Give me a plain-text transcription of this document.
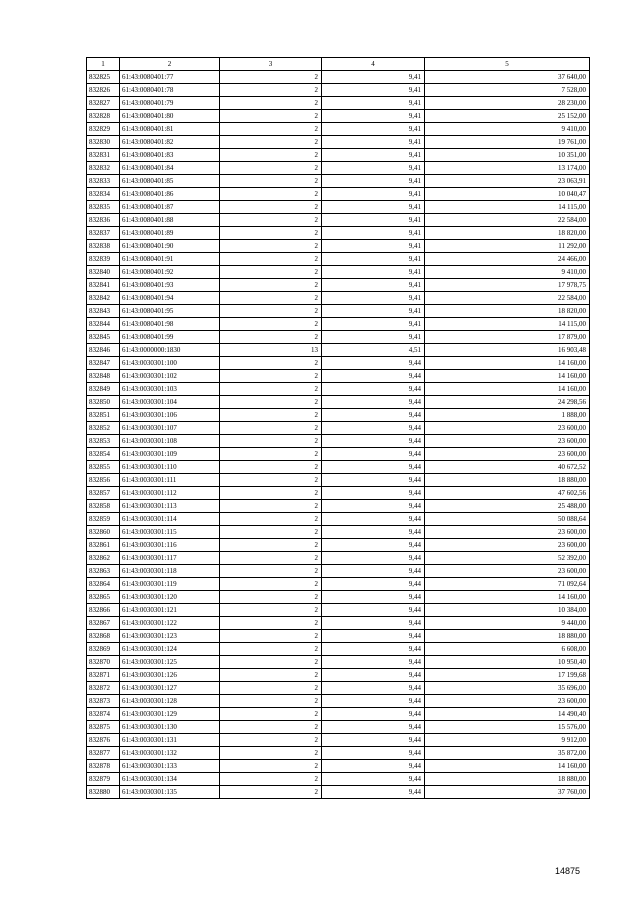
1	2	3	4	5
832825	61:43:0080401:77	2	9,41	37 640,00
832826	61:43:0080401:78	2	9,41	7 528,00
832827	61:43:0080401:79	2	9,41	28 230,00
832828	61:43:0080401:80	2	9,41	25 152,00
832829	61:43:0080401:81	2	9,41	9 410,00
832830	61:43:0080401:82	2	9,41	19 761,00
832831	61:43:0080401:83	2	9,41	10 351,00
832832	61:43:0080401:84	2	9,41	13 174,00
832833	61:43:0080401:85	2	9,41	23 063,91
832834	61:43:0080401:86	2	9,41	10 040,47
832835	61:43:0080401:87	2	9,41	14 115,00
832836	61:43:0080401:88	2	9,41	22 584,00
832837	61:43:0080401:89	2	9,41	18 820,00
832838	61:43:0080401:90	2	9,41	11 292,00
832839	61:43:0080401:91	2	9,41	24 466,00
832840	61:43:0080401:92	2	9,41	9 410,00
832841	61:43:0080401:93	2	9,41	17 978,75
832842	61:43:0080401:94	2	9,41	22 584,00
832843	61:43:0080401:95	2	9,41	18 820,00
832844	61:43:0080401:98	2	9,41	14 115,00
832845	61:43:0080401:99	2	9,41	17 879,00
832846	61:43:0000000:1830	13	4,51	16 903,48
832847	61:43:0030301:100	2	9,44	14 160,00
832848	61:43:0030301:102	2	9,44	14 160,00
832849	61:43:0030301:103	2	9,44	14 160,00
832850	61:43:0030301:104	2	9,44	24 298,56
832851	61:43:0030301:106	2	9,44	1 888,00
832852	61:43:0030301:107	2	9,44	23 600,00
832853	61:43:0030301:108	2	9,44	23 600,00
832854	61:43:0030301:109	2	9,44	23 600,00
832855	61:43:0030301:110	2	9,44	40 672,52
832856	61:43:0030301:111	2	9,44	18 880,00
832857	61:43:0030301:112	2	9,44	47 602,56
832858	61:43:0030301:113	2	9,44	25 488,00
832859	61:43:0030301:114	2	9,44	50 088,64
832860	61:43:0030301:115	2	9,44	23 600,00
832861	61:43:0030301:116	2	9,44	23 600,00
832862	61:43:0030301:117	2	9,44	52 392,00
832863	61:43:0030301:118	2	9,44	23 600,00
832864	61:43:0030301:119	2	9,44	71 092,64
832865	61:43:0030301:120	2	9,44	14 160,00
832866	61:43:0030301:121	2	9,44	10 384,00
832867	61:43:0030301:122	2	9,44	9 440,00
832868	61:43:0030301:123	2	9,44	18 880,00
832869	61:43:0030301:124	2	9,44	6 608,00
832870	61:43:0030301:125	2	9,44	10 950,40
832871	61:43:0030301:126	2	9,44	17 199,68
832872	61:43:0030301:127	2	9,44	35 696,00
832873	61:43:0030301:128	2	9,44	23 600,00
832874	61:43:0030301:129	2	9,44	14 490,40
832875	61:43:0030301:130	2	9,44	15 576,00
832876	61:43:0030301:131	2	9,44	9 912,00
832877	61:43:0030301:132	2	9,44	35 872,00
832878	61:43:0030301:133	2	9,44	14 160,00
832879	61:43:0030301:134	2	9,44	18 880,00
832880	61:43:0030301:135	2	9,44	37 760,00
14875
